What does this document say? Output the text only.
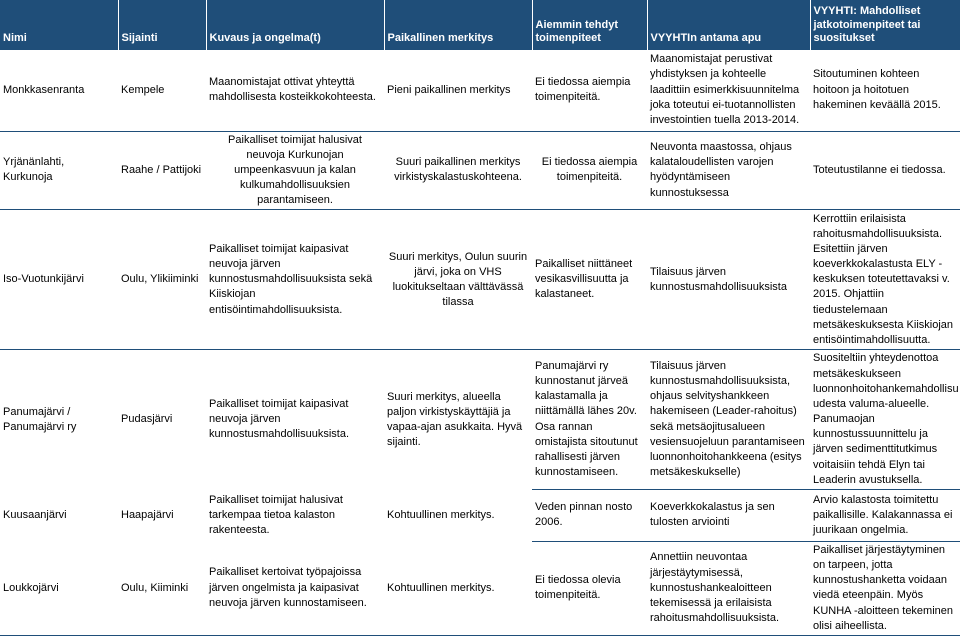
Nimi	Sijainti	Kuvaus ja ongelma(t)	Paikallinen merkitys	Aiemmin tehdyt toimenpiteet	VYYHTIn antama apu	VYYHTI: Mahdolliset jatkotoimenpiteet tai suositukset
Monkkasenranta	Kempele	Maanomistajat ottivat yhteyttä mahdollisesta kosteikkokohteesta.	Pieni paikallinen merkitys	Ei tiedossa aiempia toimenpiteitä.	Maanomistajat perustivat yhdistyksen ja kohteelle laadittiin esimerkkisuunnitelma joka toteutui ei-tuotannollisten investointien tuella 2013-2014.	Sitoutuminen kohteen hoitoon ja hoitotuen hakeminen keväällä 2015.
Yrjänänlahti, Kurkunoja	Raahe / Pattijoki	Paikalliset toimijat halusivat neuvoja Kurkunojan umpeenkasvuun ja kalan kulkumahdollisuuksien parantamiseen.	Suuri paikallinen merkitys virkistyskalastuskohteena.	Ei tiedossa aiempia toimenpiteitä.	Neuvonta maastossa, ohjaus kalataloudellisten varojen hyödyntämiseen kunnostuksessa	Toteutustilanne ei tiedossa.
Iso-Vuotunkijärvi	Oulu, Ylikiiminki	Paikalliset toimijat kaipasivat neuvoja järven kunnostusmahdollisuuksista sekä Kiiskiojan entisöintimahdollisuuksista.	Suuri merkitys, Oulun suurin järvi, joka on VHS luokitukseltaan välttävässä tilassa	Paikalliset niittäneet vesikasvillisuutta ja kalastaneet.	Tilaisuus järven kunnostusmahdollisuuksista	Kerrottiin erilaisista rahoitusmahdollisuuksista. Esitettiin järven koeverkkokalastusta ELY -keskuksen toteutettavaksi v. 2015. Ohjattiin tiedustelemaan metsäkeskuksesta Kiiskiojan entisöintimahdollisuutta.
Panumajärvi / Panumajärvi ry	Pudasjärvi	Paikalliset toimijat kaipasivat neuvoja järven kunnostusmahdollisuuksista.	Suuri merkitys, alueella paljon virkistyskäyttäjiä ja vapaa-ajan asukkaita. Hyvä sijainti.	Panumajärvi ry kunnostanut järveä kalastamalla ja niittämällä lähes 20v. Osa rannan omistajista sitoutunut rahallisesti järven kunnostamiseen.	Tilaisuus järven kunnostusmahdollisuuksista, ohjaus selvityshankkeen hakemiseen (Leader-rahoitus) sekä metsäojitusalueen vesiensuojeluun parantamiseen luonnonhoitohankkeena (esitys metsäkeskukselle)	Suositeltiin yhteydenottoa metsäkeskukseen luonnonhoitohankemahdollisu udesta valuma-alueelle. Panumaojan kunnostussuunnittelu ja järven sedimenttitutkimus voitaisiin tehdä Elyn tai Leaderin avustuksella.
Kuusaanjärvi	Haapajärvi	Paikalliset toimijat halusivat tarkempaa tietoa kalaston rakenteesta.	Kohtuullinen merkitys.	Veden pinnan nosto 2006.	Koeverkkokalastus ja sen tulosten arviointi	Arvio kalastosta toimitettu paikallisille. Kalakannassa ei juurikaan ongelmia.
Loukkojärvi	Oulu, Kiiminki	Paikalliset kertoivat työpajoissa järven ongelmista ja kaipasivat neuvoja järven kunnostamiseen.	Kohtuullinen merkitys.	Ei tiedossa olevia toimenpiteitä.	Annettiin neuvontaa järjestäytymisessä, kunnostushankealoitteen tekemisessä ja erilaisista rahoitusmahdollisuuksista.	Paikalliset järjestäytyminen on tarpeen, jotta kunnostushanketta voidaan viedä eteenpäin. Myös KUNHA -aloitteen tekeminen olisi aiheellista.
